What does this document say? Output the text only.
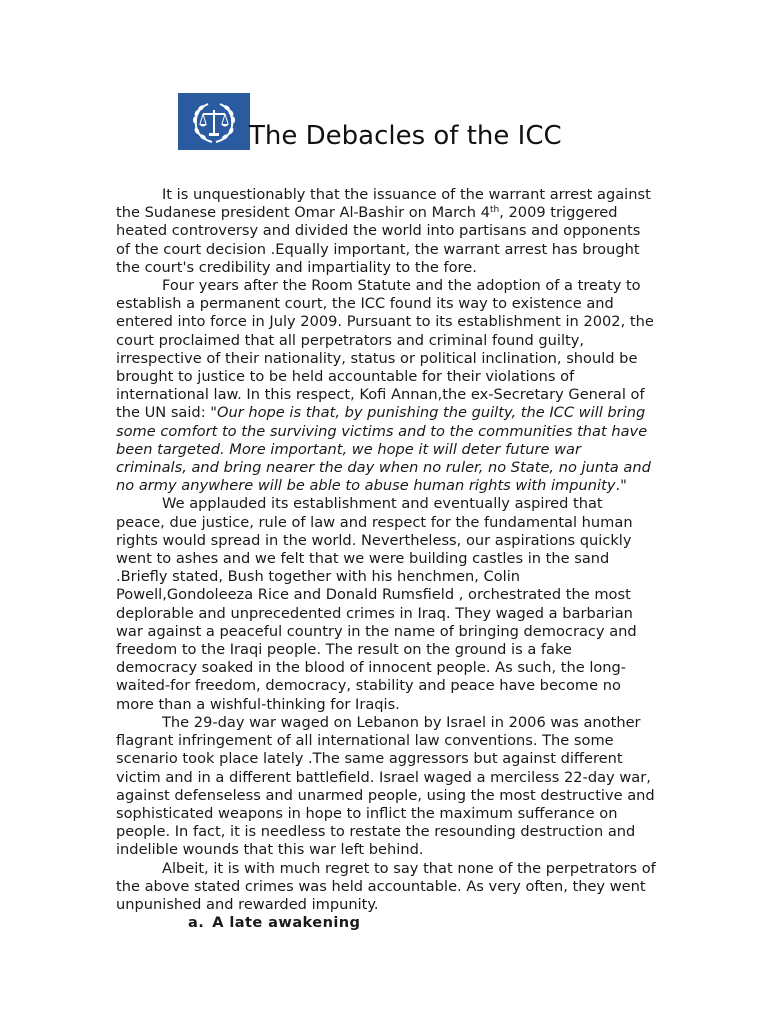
The Debacles of the ICC

It is unquestionably that the issuance of the warrant arrest against the Sudanese president Omar Al-Bashir on March 4th, 2009 triggered heated controversy and divided the world into partisans and opponents of the court decision .Equally important, the warrant arrest has brought the court's credibility and impartiality to the fore.

Four years after the Room Statute and the adoption of a treaty to establish a permanent court, the ICC found its way to existence and entered into force in July 2009. Pursuant to its establishment in 2002, the court proclaimed that all perpetrators and criminal found guilty, irrespective of their nationality, status or political inclination, should be brought to justice to be held accountable for their violations of international law. In this respect, Kofi Annan,the ex-Secretary General of the UN said: "Our hope is that, by punishing the guilty, the ICC will bring some comfort to the surviving victims and to the communities that have been targeted. More important, we hope it will deter future war criminals, and bring nearer the day when no ruler, no State, no junta and no army anywhere will be able to abuse human rights with impunity."

We applauded its establishment and eventually aspired that peace, due justice, rule of law and respect for the fundamental human rights would spread in the world. Nevertheless, our aspirations quickly went to ashes and we felt that we were building castles in the sand .Briefly stated, Bush together with his henchmen, Colin Powell,Gondoleeza Rice and Donald Rumsfield , orchestrated the most deplorable and unprecedented crimes in Iraq. They waged a barbarian war against a peaceful country in the name of bringing democracy and freedom to the Iraqi people. The result on the ground is a fake democracy soaked in the blood of innocent people. As such, the long-waited-for freedom, democracy, stability and peace have become no more than a wishful-thinking for Iraqis.

The 29-day war waged on Lebanon by Israel in 2006 was another flagrant infringement of all international law conventions. The some scenario took place lately .The same aggressors but against different victim and in a different battlefield. Israel waged a merciless 22-day war, against defenseless and unarmed people, using the most destructive and sophisticated weapons in hope to inflict the maximum sufferance on people. In fact, it is needless to restate the resounding destruction and indelible wounds that this war left behind.

Albeit, it is with much regret to say that none of the perpetrators of the above stated crimes was held accountable. As very often, they went unpunished and rewarded impunity.

a. A late awakening
